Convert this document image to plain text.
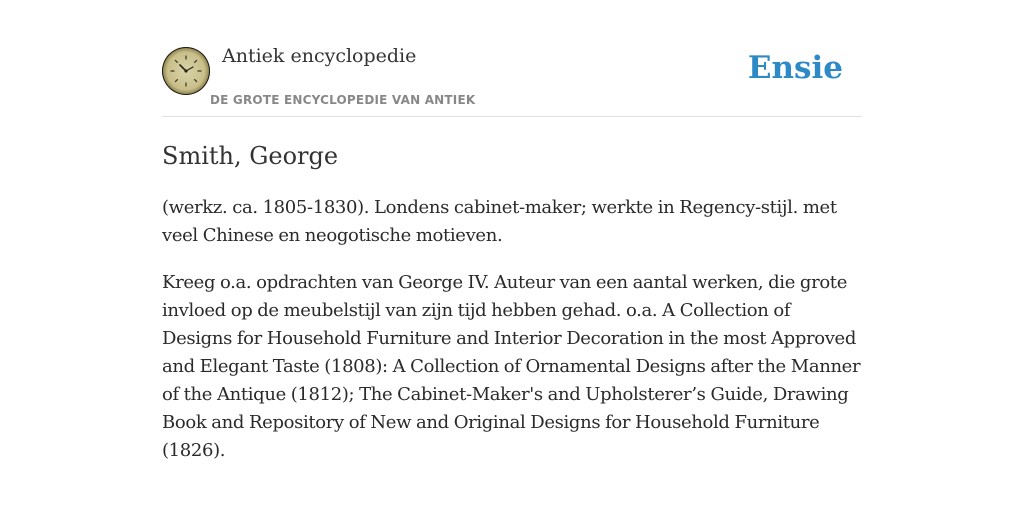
Antiek encyclopedie
DE GROTE ENCYCLOPEDIE VAN ANTIEK
Ensie
Smith, George

(werkz. ca. 1805-1830). Londens cabinet-maker; werkte in Regency-stijl. met veel Chinese en neogotische motieven.

Kreeg o.a. opdrachten van George IV. Auteur van een aantal werken, die grote invloed op de meubelstijl van zijn tijd hebben gehad. o.a. A Collection of Designs for Household Furniture and Interior Decoration in the most Approved and Elegant Taste (1808): A Collection of Ornamental Designs after the Manner of the Antique (1812); The Cabinet-Maker's and Upholsterer’s Guide, Drawing Book and Repository of New and Original Designs for Household Furniture (1826).
